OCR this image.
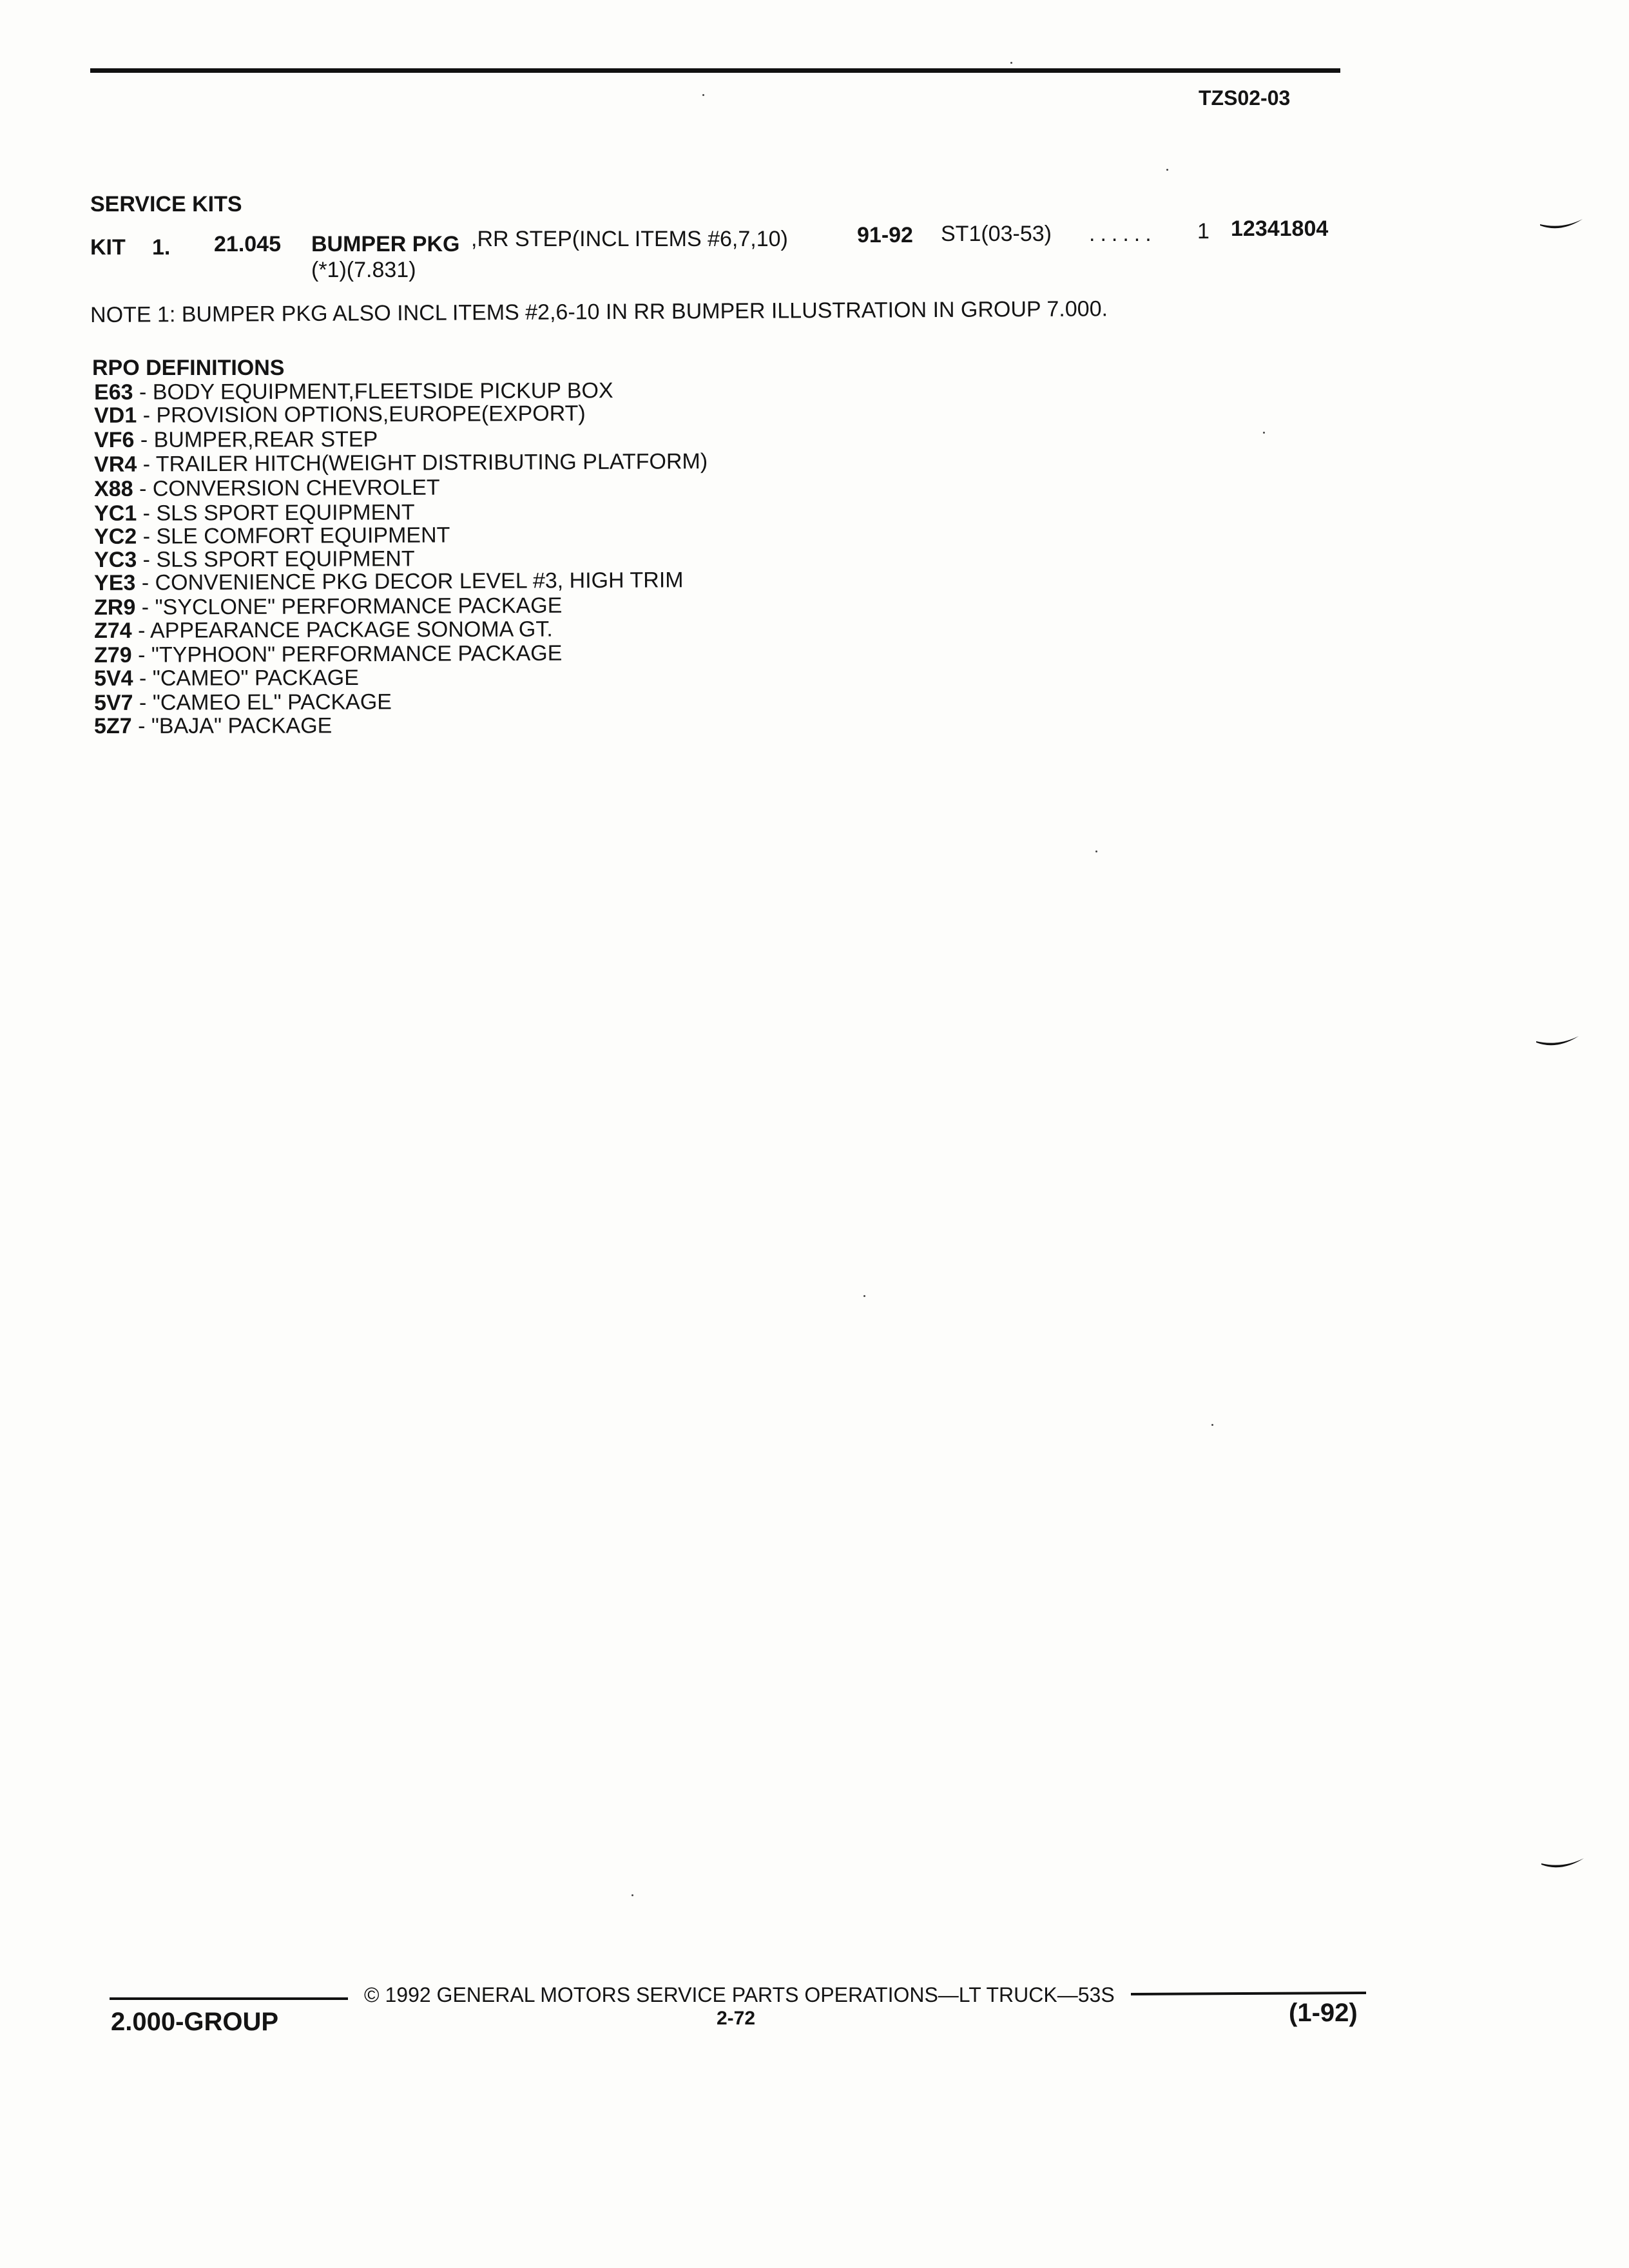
TZS02-03
SERVICE KITS
KIT 1. 21.045 BUMPER PKG ,RR STEP(INCL ITEMS #6,7,10)	91-92 ST1(03-53) ...... 1 12341804
(*1)(7.831)
NOTE 1: BUMPER PKG ALSO INCL ITEMS #2,6-10 IN RR BUMPER ILLUSTRATION IN GROUP 7.000.
RPO DEFINITIONS
E63 - BODY EQUIPMENT,FLEETSIDE PICKUP BOX
VD1 - PROVISION OPTIONS,EUROPE(EXPORT)
VF6 - BUMPER,REAR STEP
VR4 - TRAILER HITCH(WEIGHT DISTRIBUTING PLATFORM)
X88 - CONVERSION CHEVROLET
YC1 - SLS SPORT EQUIPMENT
YC2 - SLE COMFORT EQUIPMENT
YC3 - SLS SPORT EQUIPMENT
YE3 - CONVENIENCE PKG DECOR LEVEL #3, HIGH TRIM
ZR9 - "SYCLONE" PERFORMANCE PACKAGE
Z74 - APPEARANCE PACKAGE SONOMA GT.
Z79 - "TYPHOON" PERFORMANCE PACKAGE
5V4 - "CAMEO" PACKAGE
5V7 - "CAMEO EL" PACKAGE
5Z7 - "BAJA" PACKAGE
© 1992 GENERAL MOTORS SERVICE PARTS OPERATIONS—LT TRUCK—53S
2.000-GROUP	2-72	(1-92)
